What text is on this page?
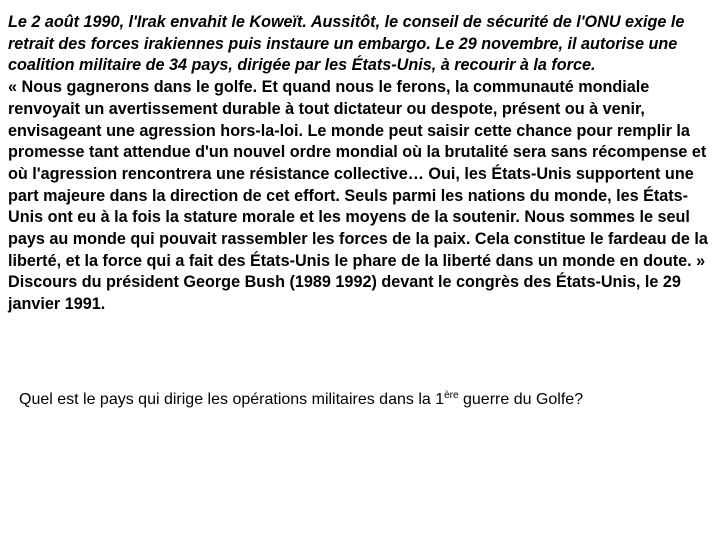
Le 2 août 1990, l'Irak envahit le Koweït. Aussitôt, le conseil de sécurité de l'ONU exige le retrait des forces irakiennes puis instaure un embargo. Le 29 novembre, il autorise une coalition militaire de 34 pays, dirigée par les États-Unis, à recourir à la force.

« Nous gagnerons dans le golfe. Et quand nous le ferons, la communauté mondiale renvoyait un avertissement durable à tout dictateur ou despote, présent ou à venir, envisageant une agression hors-la-loi. Le monde peut saisir cette chance pour remplir la promesse tant attendue d'un nouvel ordre mondial où la brutalité sera sans récompense et où l'agression rencontrera une résistance collective… Oui, les États-Unis supportent une part majeure dans la direction de cet effort. Seuls parmi les nations du monde, les États-Unis ont eu à la fois la stature morale et les moyens de la soutenir. Nous sommes le seul pays au monde qui pouvait rassembler les forces de la paix. Cela constitue le fardeau de la liberté, et la force qui a fait des États-Unis le phare de la liberté dans un monde en doute. »

Discours du président George Bush (1989 1992) devant le congrès des États-Unis, le 29 janvier 1991.

Quel est le pays qui dirige les opérations militaires dans la 1ère guerre du Golfe?
